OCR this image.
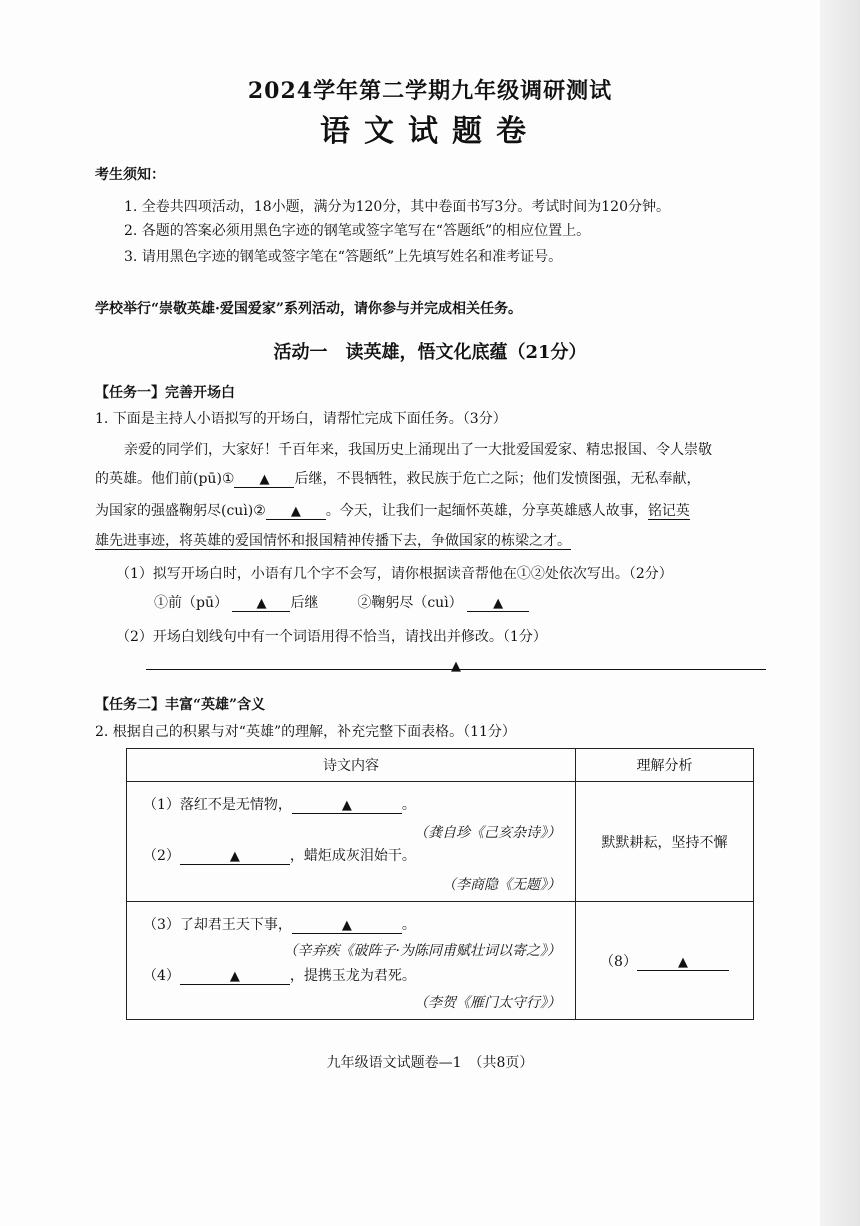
2024学年第二学期九年级调研测试
语文试题卷
考生须知：
1. 全卷共四项活动，18小题，满分为120分，其中卷面书写3分。考试时间为120分钟。
2. 各题的答案必须用黑色字迹的钢笔或签字笔写在“答题纸”的相应位置上。
3. 请用黑色字迹的钢笔或签字笔在“答题纸”上先填写姓名和准考证号。
学校举行“崇敬英雄·爱国爱家”系列活动，请你参与并完成相关任务。
活动一　读英雄，悟文化底蕴（21分）
【任务一】完善开场白
1. 下面是主持人小语拟写的开场白，请帮忙完成下面任务。（3分）
亲爱的同学们，大家好！千百年来，我国历史上涌现出了一大批爱国爱家、精忠报国、令人崇敬
的英雄。他们前(pū)① ▲ 后继，不畏牺牲，救民族于危亡之际；他们发愤图强，无私奉献，
为国家的强盛鞠躬尽(cuì)② ▲ 。今天，让我们一起缅怀英雄，分享英雄感人故事，铭记英
雄先进事迹，将英雄的爱国情怀和报国精神传播下去，争做国家的栋梁之才。
（1）拟写开场白时，小语有几个字不会写，请你根据读音帮他在①②处依次写出。（2分）
①前（pū） ▲ 后继	②鞠躬尽（cuì） ▲
（2）开场白划线句中有一个词语用得不恰当，请找出并修改。（1分）
▲
【任务二】丰富“英雄”含义
2. 根据自己的积累与对“英雄”的理解，补充完整下面表格。（11分）
诗文内容	理解分析

（1）落红不是无情物， ▲ 。
（龚自珍《己亥杂诗》）
（2） ▲ ，蜡炬成灰泪始干。
（李商隐《无题》）	默默耕耘，坚持不懈

（3）了却君王天下事， ▲ 。
（辛弃疾《破阵子·为陈同甫赋壮词以寄之》）
（4） ▲ ，提携玉龙为君死。
（李贺《雁门太守行》）	（8） ▲
九年级语文试题卷—1　（共8页）
